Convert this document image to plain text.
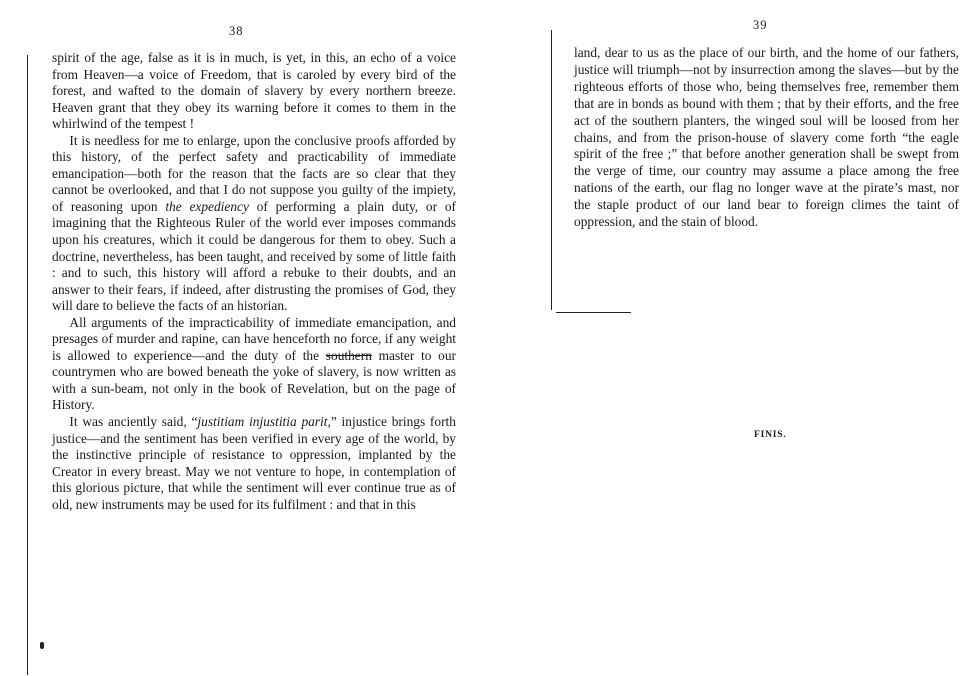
38

spirit of the age, false as it is in much, is yet, in this, an echo of a voice from Heaven—a voice of Freedom, that is caroled by every bird of the forest, and wafted to the domain of slavery by every northern breeze. Heaven grant that they obey its warning before it comes to them in the whirlwind of the tempest !

It is needless for me to enlarge, upon the conclusive proofs afforded by this history, of the perfect safety and practicability of immediate emancipation—both for the reason that the facts are so clear that they cannot be overlooked, and that I do not suppose you guilty of the impiety, of reasoning upon the expediency of performing a plain duty, or of imagining that the Righteous Ruler of the world ever imposes commands upon his creatures, which it could be dangerous for them to obey. Such a doctrine, nevertheless, has been taught, and received by some of little faith : and to such, this history will afford a rebuke to their doubts, and an answer to their fears, if indeed, after distrusting the promises of God, they will dare to believe the facts of an historian.

All arguments of the impracticability of immediate emancipation, and presages of murder and rapine, can have henceforth no force, if any weight is allowed to experience—and the duty of the southern master to our countrymen who are bowed beneath the yoke of slavery, is now written as with a sun-beam, not only in the book of Revelation, but on the page of History.

It was anciently said, “justitiam injustitia parit,” injustice brings forth justice—and the sentiment has been verified in every age of the world, by the instinctive principle of resistance to oppression, implanted by the Creator in every breast. May we not venture to hope, in contemplation of this glorious picture, that while the sentiment will ever continue true as of old, new instruments may be used for its fulfilment : and that in this

39

land, dear to us as the place of our birth, and the home of our fathers, justice will triumph—not by insurrection among the slaves—but by the righteous efforts of those who, being themselves free, remember them that are in bonds as bound with them ; that by their efforts, and the free act of the southern planters, the winged soul will be loosed from her chains, and from the prison-house of slavery come forth “the eagle spirit of the free ;” that before another generation shall be swept from the verge of time, our country may assume a place among the free nations of the earth, our flag no longer wave at the pirate’s mast, nor the staple product of our land bear to foreign climes the taint of oppression, and the stain of blood.

FINIS.
